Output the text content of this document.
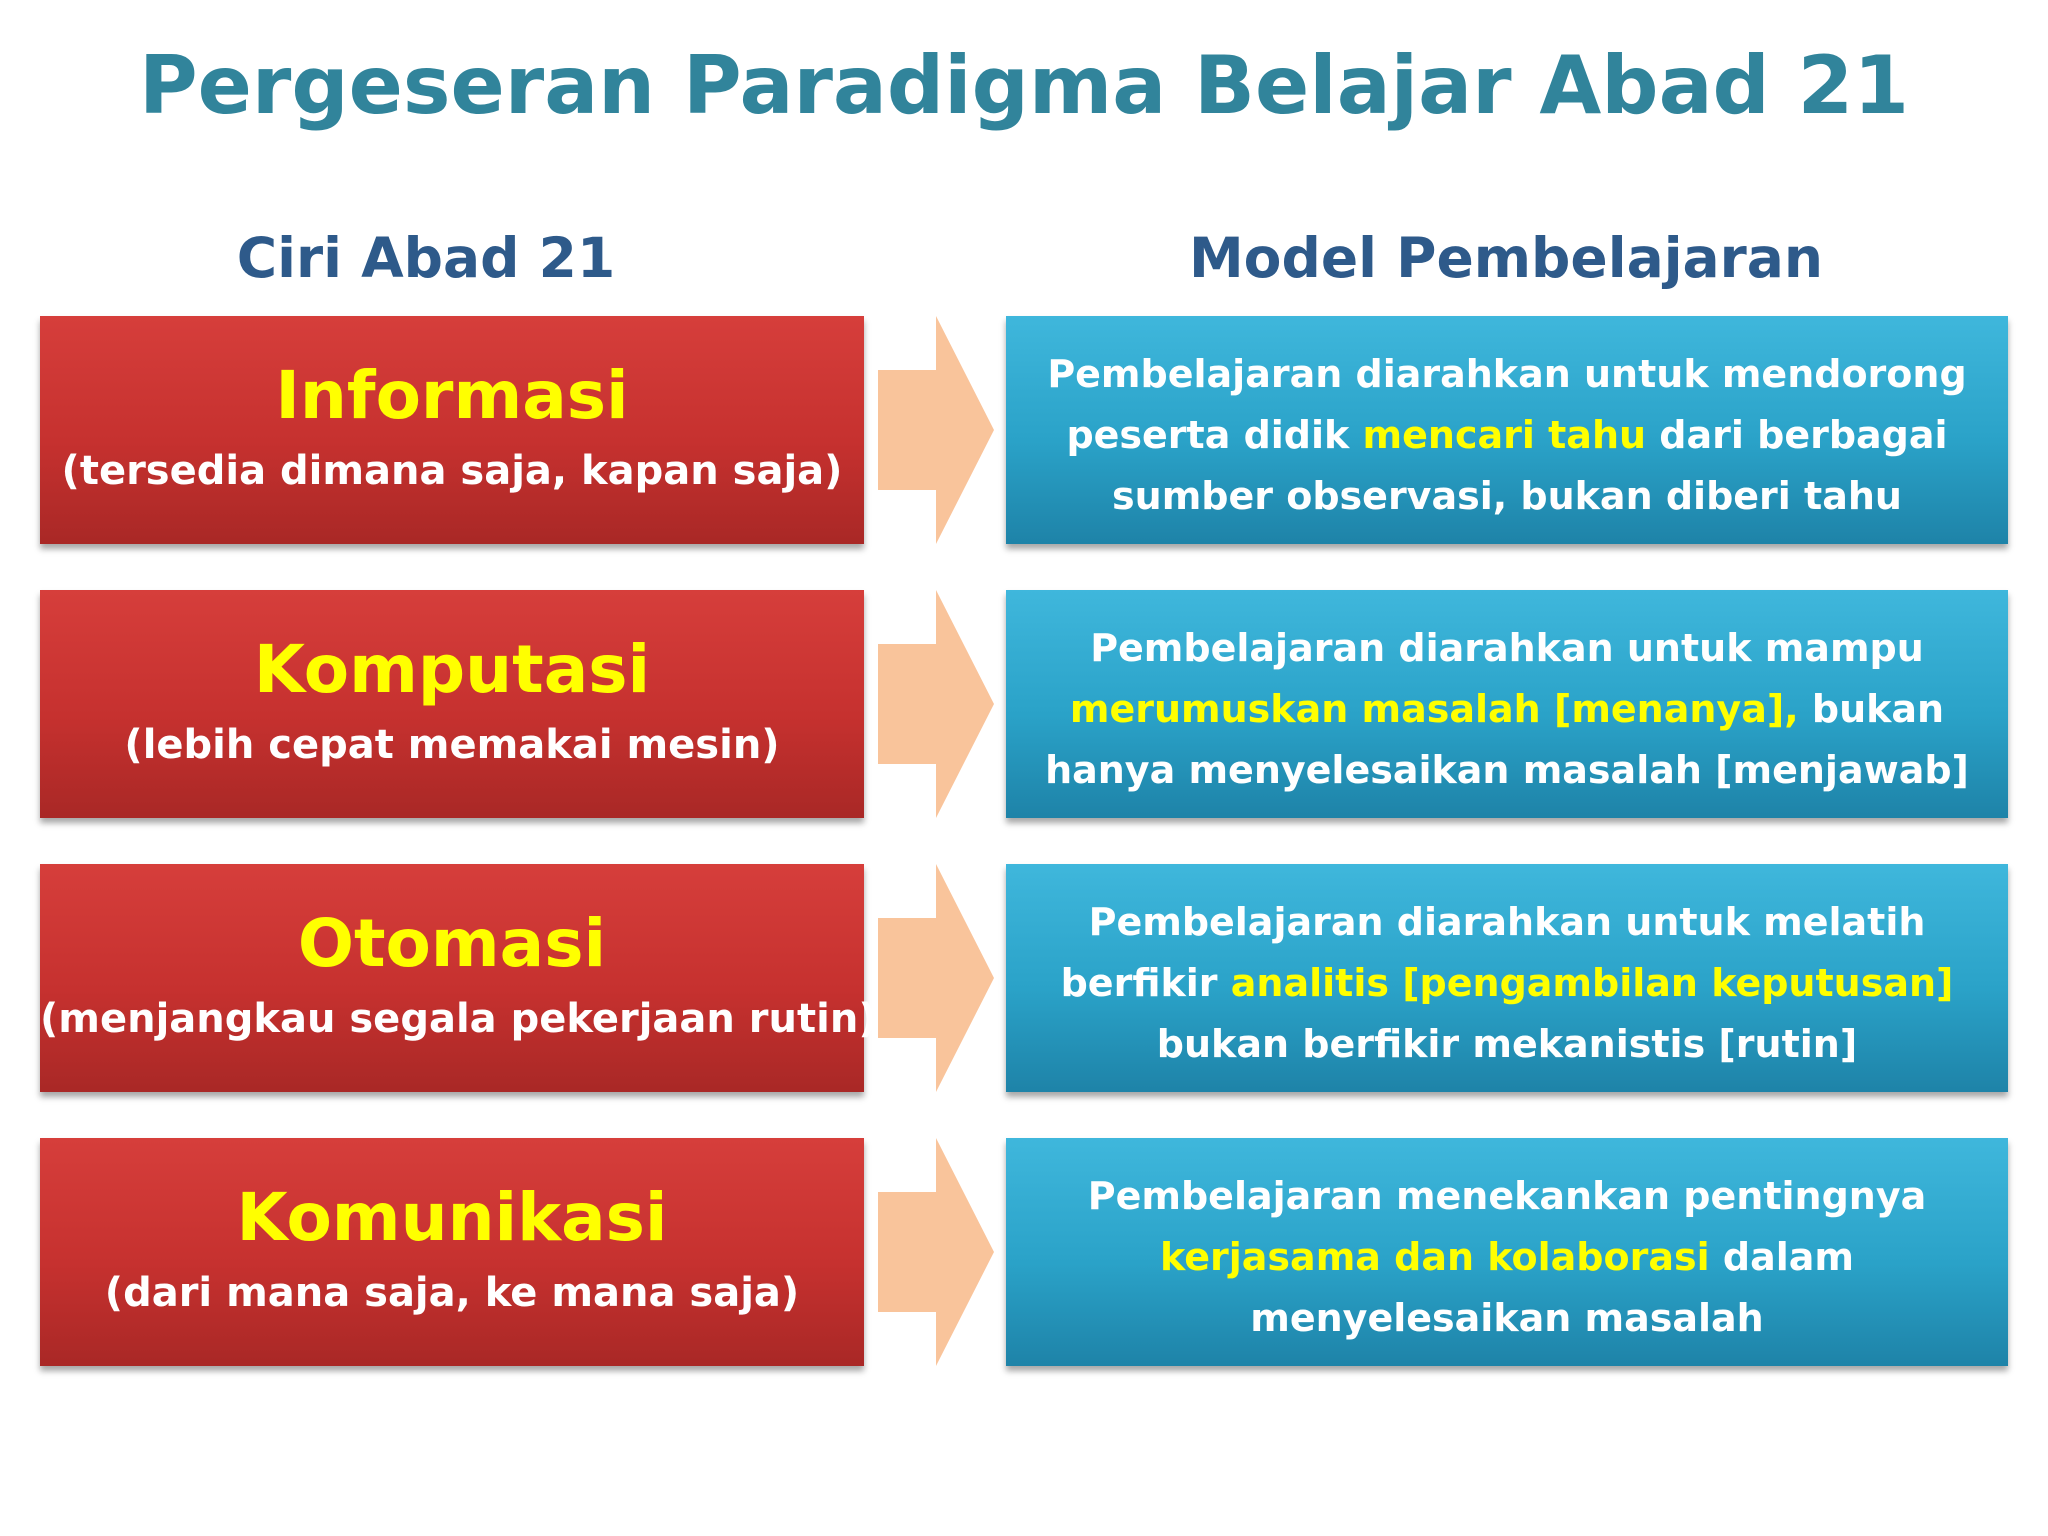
Pergeseran Paradigma Belajar Abad 21
Ciri Abad 21	Model Pembelajaran
Informasi
(tersedia dimana saja, kapan saja)
Pembelajaran diarahkan untuk mendorong
peserta didik mencari tahu dari berbagai
sumber observasi, bukan diberi tahu
Komputasi
(lebih cepat memakai mesin)
Pembelajaran diarahkan untuk mampu
merumuskan masalah [menanya], bukan
hanya menyelesaikan masalah [menjawab]
Otomasi
(menjangkau segala pekerjaan rutin)
Pembelajaran diarahkan untuk melatih
berfikir analitis [pengambilan keputusan]
bukan berfikir mekanistis [rutin]
Komunikasi
(dari mana saja, ke mana saja)
Pembelajaran menekankan pentingnya
kerjasama dan kolaborasi dalam
menyelesaikan masalah
